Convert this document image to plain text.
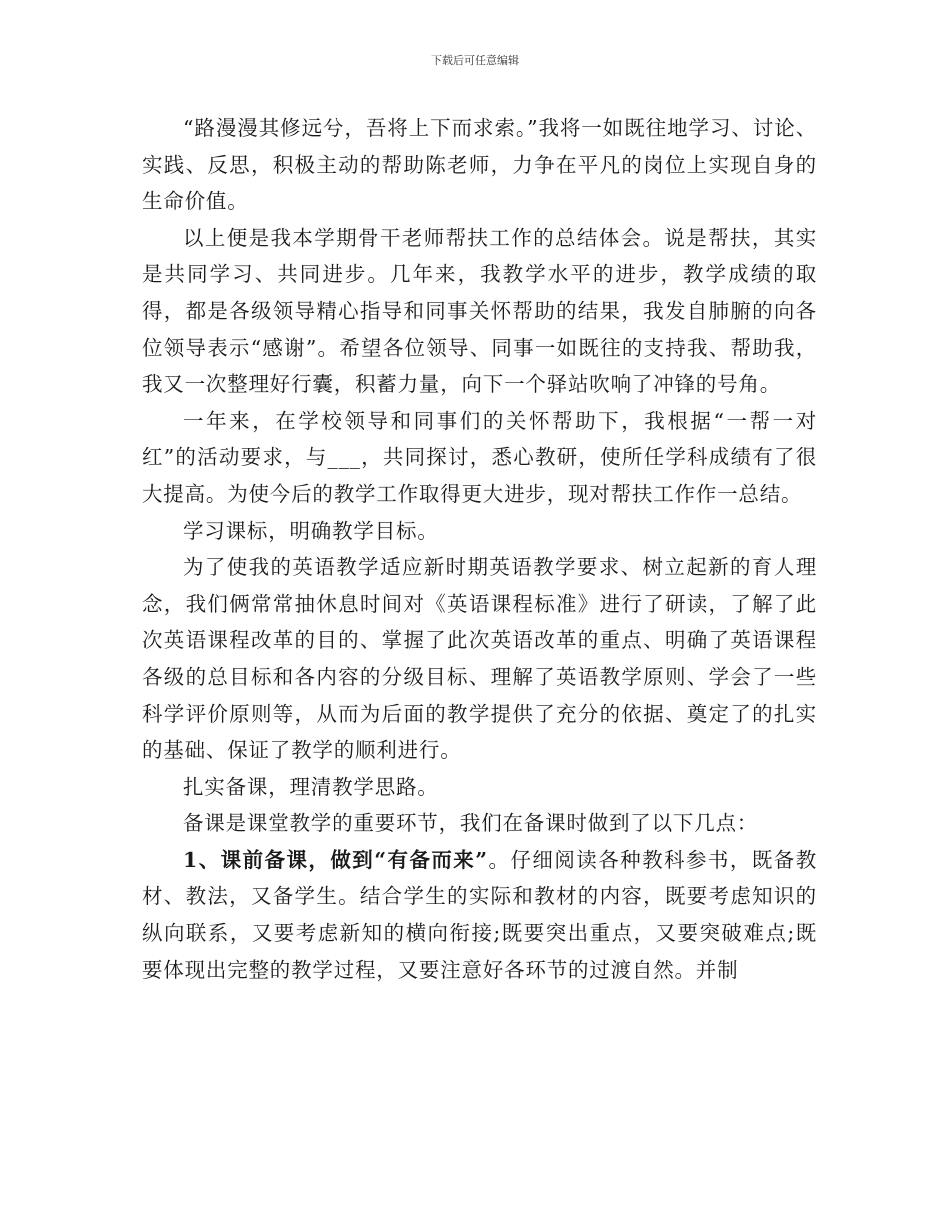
下载后可任意编辑

“路漫漫其修远兮，吾将上下而求索。”我将一如既往地学习、讨论、实践、反思，积极主动的帮助陈老师，力争在平凡的岗位上实现自身的生命价值。

以上便是我本学期骨干老师帮扶工作的总结体会。说是帮扶，其实是共同学习、共同进步。几年来，我教学水平的进步，教学成绩的取得，都是各级领导精心指导和同事关怀帮助的结果，我发自肺腑的向各位领导表示“感谢”。希望各位领导、同事一如既往的支持我、帮助我，我又一次整理好行囊，积蓄力量，向下一个驿站吹响了冲锋的号角。

一年来，在学校领导和同事们的关怀帮助下，我根据“一帮一对红”的活动要求，与___，共同探讨，悉心教研，使所任学科成绩有了很大提高。为使今后的教学工作取得更大进步，现对帮扶工作作一总结。

学习课标，明确教学目标。

为了使我的英语教学适应新时期英语教学要求、树立起新的育人理念，我们俩常常抽休息时间对《英语课程标准》进行了研读，了解了此次英语课程改革的目的、掌握了此次英语改革的重点、明确了英语课程各级的总目标和各内容的分级目标、理解了英语教学原则、学会了一些科学评价原则等，从而为后面的教学提供了充分的依据、奠定了的扎实的基础、保证了教学的顺利进行。

扎实备课，理清教学思路。

备课是课堂教学的重要环节，我们在备课时做到了以下几点：

1、课前备课，做到“有备而来”。仔细阅读各种教科参书，既备教材、教法，又备学生。结合学生的实际和教材的内容，既要考虑知识的纵向联系，又要考虑新知的横向衔接;既要突出重点，又要突破难点;既要体现出完整的教学过程，又要注意好各环节的过渡自然。并制
